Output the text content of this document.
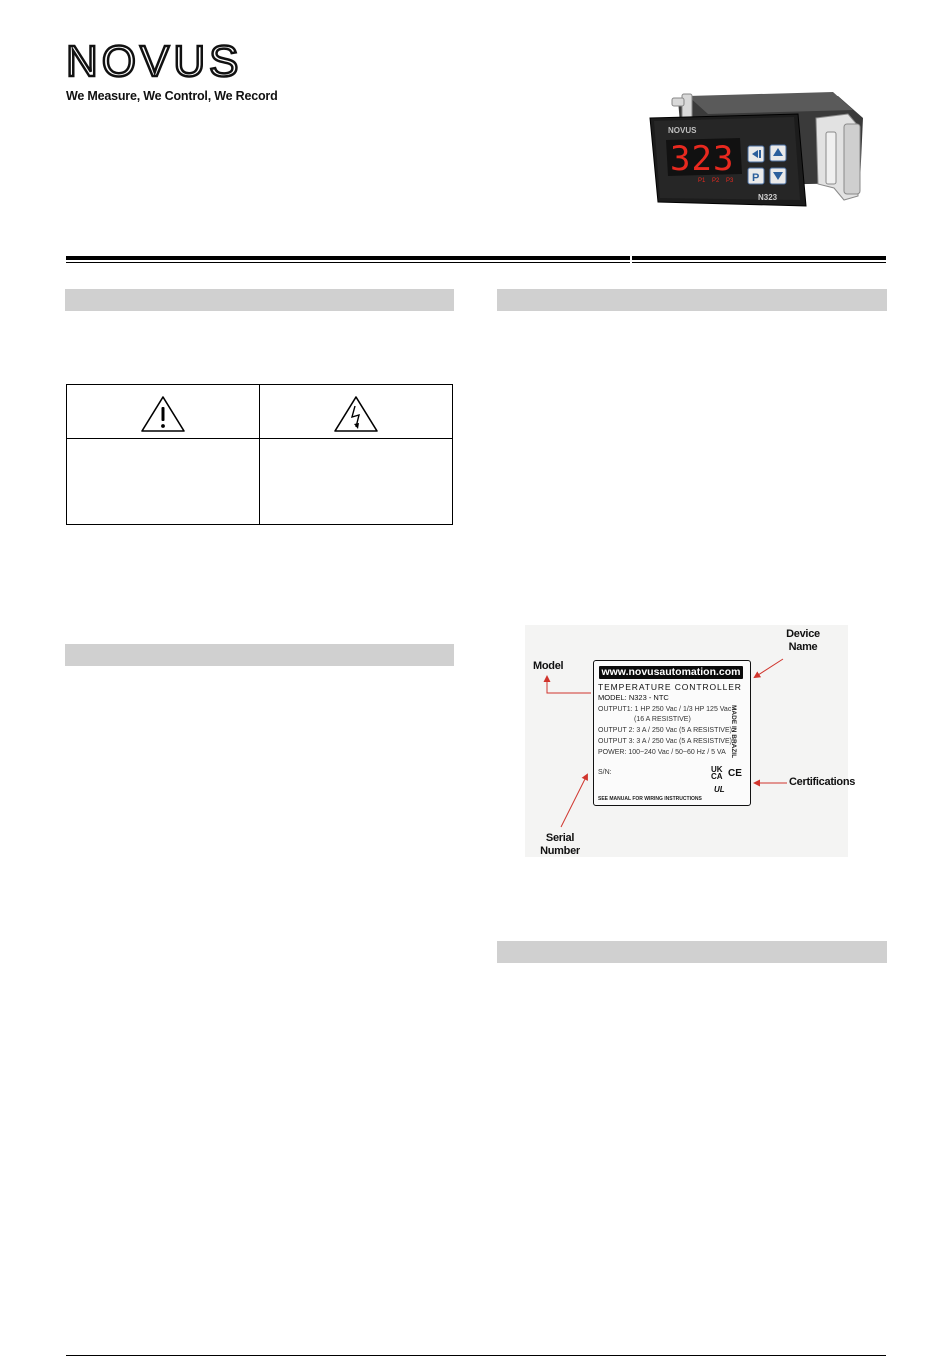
NOVUS
We Measure, We Control, We Record
NOVUS
323
P1 P2 P3 P
N323
www.novusautomation.com
TEMPERATURE CONTROLLER
MODEL: N323 - NTC
OUTPUT1: 1 HP 250 Vac / 1/3 HP 125 Vac
(16 A RESISTIVE)
OUTPUT 2: 3 A / 250 Vac (5 A RESISTIVE)
OUTPUT 3: 3 A / 250 Vac (5 A RESISTIVE)
POWER: 100~240 Vac / 50~60 Hz / 5 VA
S/N:
SEE MANUAL FOR WIRING INSTRUCTIONS
MADE IN BRAZIL
UK
CA CE
UL
Model
Device
Name
Certifications
Serial
Number
